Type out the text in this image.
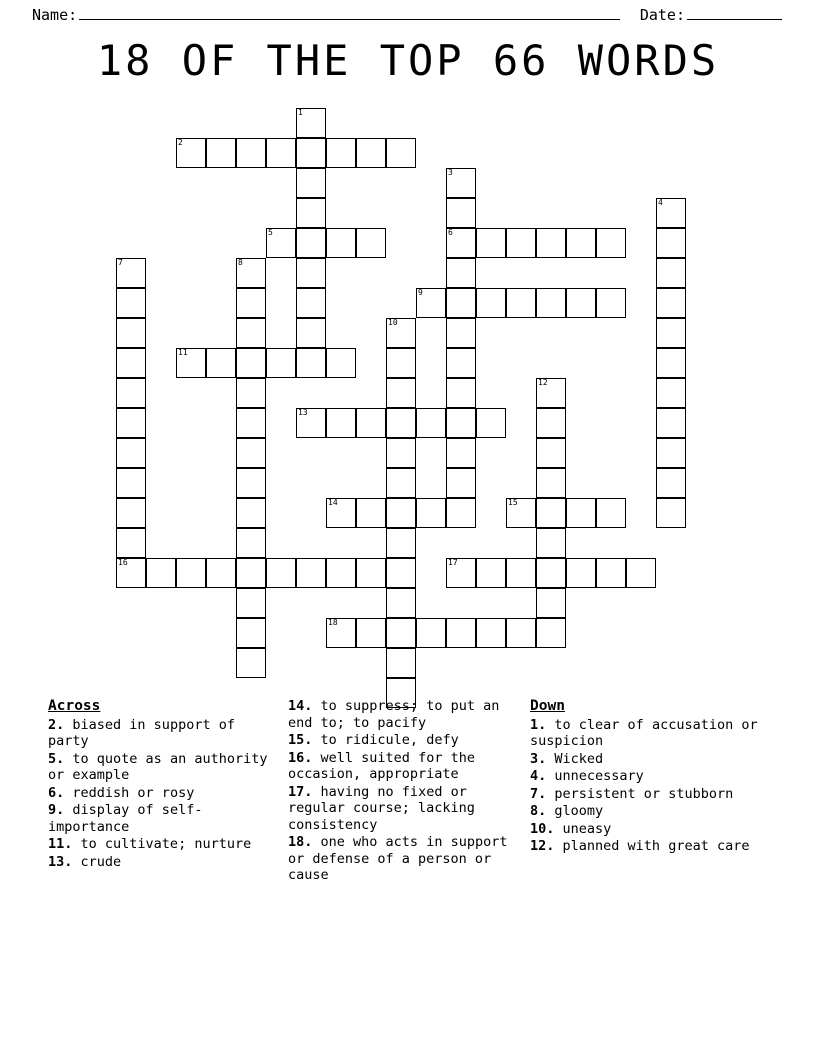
Name:	Date:
18 OF THE TOP 66 WORDS
1
2
3
6
4
5
7	8
9
10
11
12
13
14	15
16	17
18
Across

2. biased in support of party

5. to quote as an authority or example

6. reddish or rosy

9. display of self-importance

11. to cultivate; nurture

13. crude

14. to suppress; to put an end to; to pacify

15. to ridicule, defy

16. well suited for the occasion, appropriate

17. having no fixed or regular course; lacking consistency

18. one who acts in support or defense of a person or cause

Down

1. to clear of accusation or suspicion

3. Wicked

4. unnecessary

7. persistent or stubborn

8. gloomy

10. uneasy

12. planned with great care
